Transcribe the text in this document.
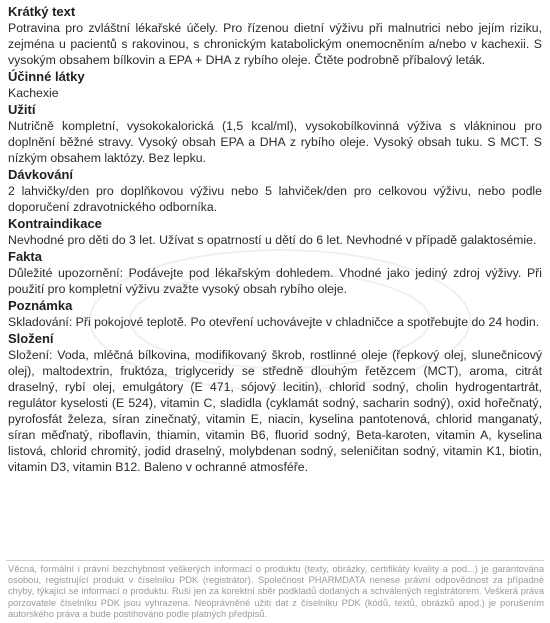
Krátký text

Potravina pro zvláštní lékařské účely. Pro řízenou dietní výživu při malnutrici nebo jejím riziku, zejména u pacientů s rakovinou, s chronickým katabolickým onemocněním a/nebo v kachexii. S vysokým obsahem bílkovin a EPA + DHA z rybího oleje. Čtěte podrobně příbalový leták.

Účinné látky

Kachexie

Užití

Nutričně kompletní, vysokokalorická (1,5 kcal/ml), vysokobílkovinná výživa s vlákninou pro doplnění běžné stravy. Vysoký obsah EPA a DHA z rybího oleje. Vysoký obsah tuku. S MCT. S nízkým obsahem laktózy. Bez lepku.

Dávkování

2 lahvičky/den pro doplňkovou výživu nebo 5 lahviček/den pro celkovou výživu, nebo podle doporučení zdravotnického odborníka.

Kontraindikace

Nevhodné pro děti do 3 let. Užívat s opatrností u dětí do 6 let. Nevhodné v případě galaktosémie.

Fakta

Důležité upozornění: Podávejte pod lékařským dohledem. Vhodné jako jediný zdroj výživy. Při použití pro kompletní výživu zvažte vysoký obsah rybího oleje.

Poznámka

Skladování: Při pokojové teplotě. Po otevření uchovávejte v chladničce a spotřebujte do 24 hodin.

Složení

Složení: Voda, mléčná bílkovina, modifikovaný škrob, rostlinné oleje (řepkový olej, slunečnicový olej), maltodextrin, fruktóza, triglyceridy se středně dlouhým řetězcem (MCT), aroma, citrát draselný, rybí olej, emulgátory (E 471, sójový lecitin), chlorid sodný, cholin hydrogentartrát, regulátor kyselosti (E 524), vitamin C, sladidla (cyklamát sodný, sacharin sodný), oxid hořečnatý, pyrofosfát železa, síran zinečnatý, vitamin E, niacin, kyselina pantotenová, chlorid manganatý, síran měďnatý, riboflavin, thiamin, vitamin B6, fluorid sodný, Beta-karoten, vitamin A, kyselina listová, chlorid chromitý, jodid draselný, molybdenan sodný, seleničitan sodný, vitamin K1, biotin, vitamin D3, vitamin B12. Baleno v ochranné atmosféře.

Věcná, formální i právní bezchybnost veškerých informací o produktu (texty, obrázky, certifikáty kvality a pod...) je garantována osobou, registrující produkt v číselníku PDK (registrátor). Společnost PHARMDATA nenese právní odpovědnost za případné chyby, týkající se informací o produktu. Ruší jen za korektní sběr podkladů dodaných a schválených registrátorem. Veškerá práva porzovatele číselníku PDK jsou vyhrazena. Neoprávněné užití dat z číselníku PDK (kódů, textů, obrázků apod.) je porušením autorského práva a bude postihováno podle platných předpisů.
